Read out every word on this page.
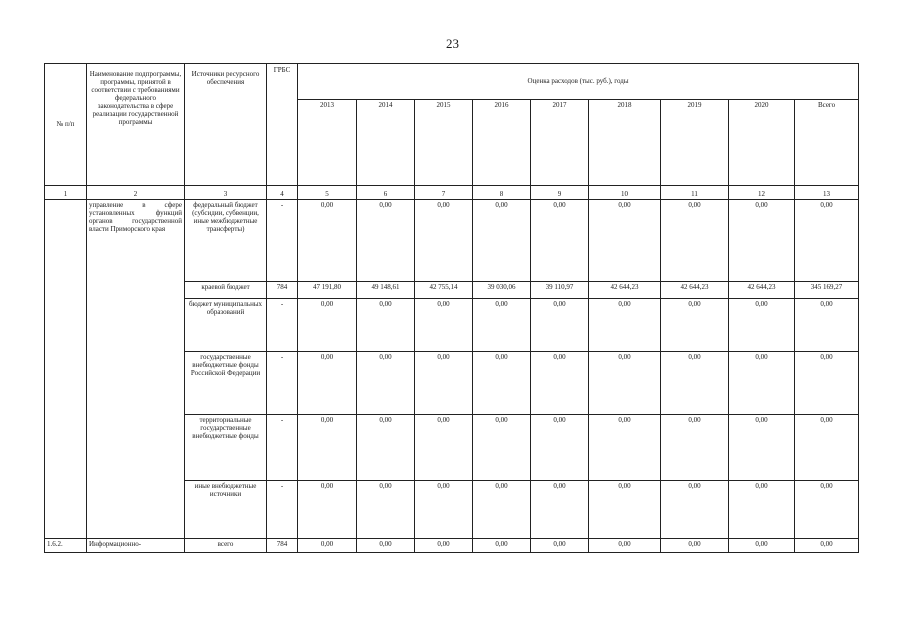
23
№ п/п	Наименование подпрограммы, программы, принятой в соответствии с требованиями федерального законодательства в сфере реализации государственной программы	Источники ресурсного обеспечения	ГРБС	Оценка расходов (тыс. руб.), годы								
				2013	2014	2015	2016	2017	2018	2019	2020	Всего
1	2	3	4	5	6	7	8	9	10	11	12	13
	управление в сфере установленных функций органов государственной власти Приморского края	федеральный бюджет (субсидии, субвенции, иные межбюджетные трансферты)	-	0,00	0,00	0,00	0,00	0,00	0,00	0,00	0,00	0,00
		краевой бюджет	784	47 191,80	49 148,61	42 755,14	39 030,06	39 110,97	42 644,23	42 644,23	42 644,23	345 169,27
		бюджет муниципальных образований	-	0,00	0,00	0,00	0,00	0,00	0,00	0,00	0,00	0,00
		государственные внебюджетные фонды Российской Федерации	-	0,00	0,00	0,00	0,00	0,00	0,00	0,00	0,00	0,00
		территориальные государственные внебюджетные фонды	-	0,00	0,00	0,00	0,00	0,00	0,00	0,00	0,00	0,00
		иные внебюджетные источники	-	0,00	0,00	0,00	0,00	0,00	0,00	0,00	0,00	0,00
1.6.2.	Информационно-	всего	784	0,00	0,00	0,00	0,00	0,00	0,00	0,00	0,00	0,00
